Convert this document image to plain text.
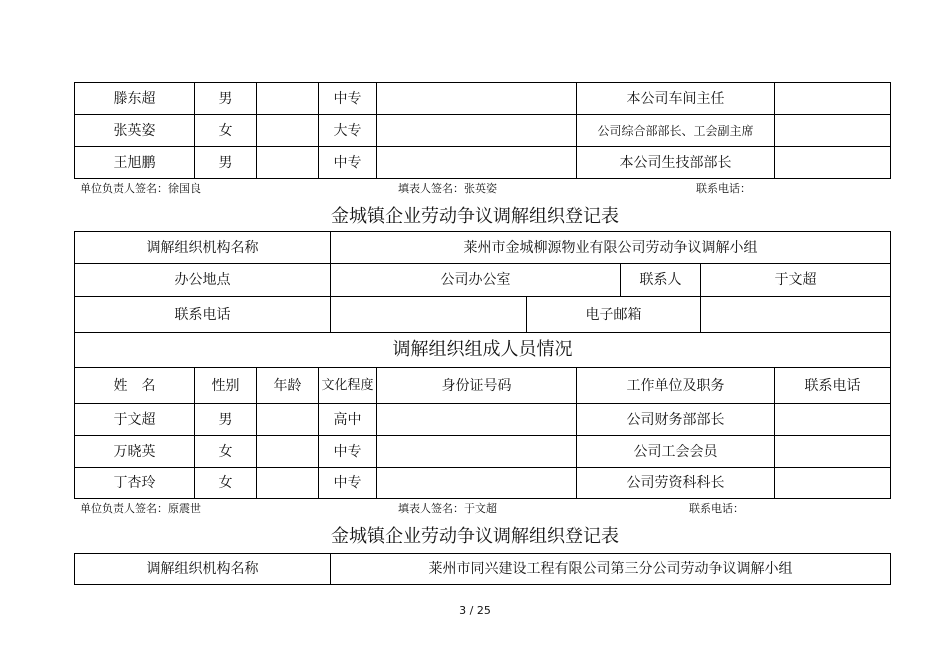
滕东超	男		中专		本公司车间主任	
张英姿	女		大专		公司综合部部长、工会副主席	
王旭鹏	男		中专		本公司生技部部长	
单位负责人签名：徐国良	填表人签名：张英姿	联系电话：
金城镇企业劳动争议调解组织登记表
调解组织机构名称	莱州市金城柳源物业有限公司劳动争议调解小组			
办公地点	公司办公室		联系人	于文超
联系电话		电子邮箱		
调解组织组成人员情况				
姓　名	性别	年龄	文化程度	身份证号码	工作单位及职务	联系电话
于文超	男		高中		公司财务部部长	
万晓英	女		中专		公司工会会员	
丁杏玲	女		中专		公司劳资科科长	
单位负责人签名：原震世	填表人签名：于文超	联系电话：
金城镇企业劳动争议调解组织登记表
调解组织机构名称	莱州市同兴建设工程有限公司第三分公司劳动争议调解小组
3 / 25
